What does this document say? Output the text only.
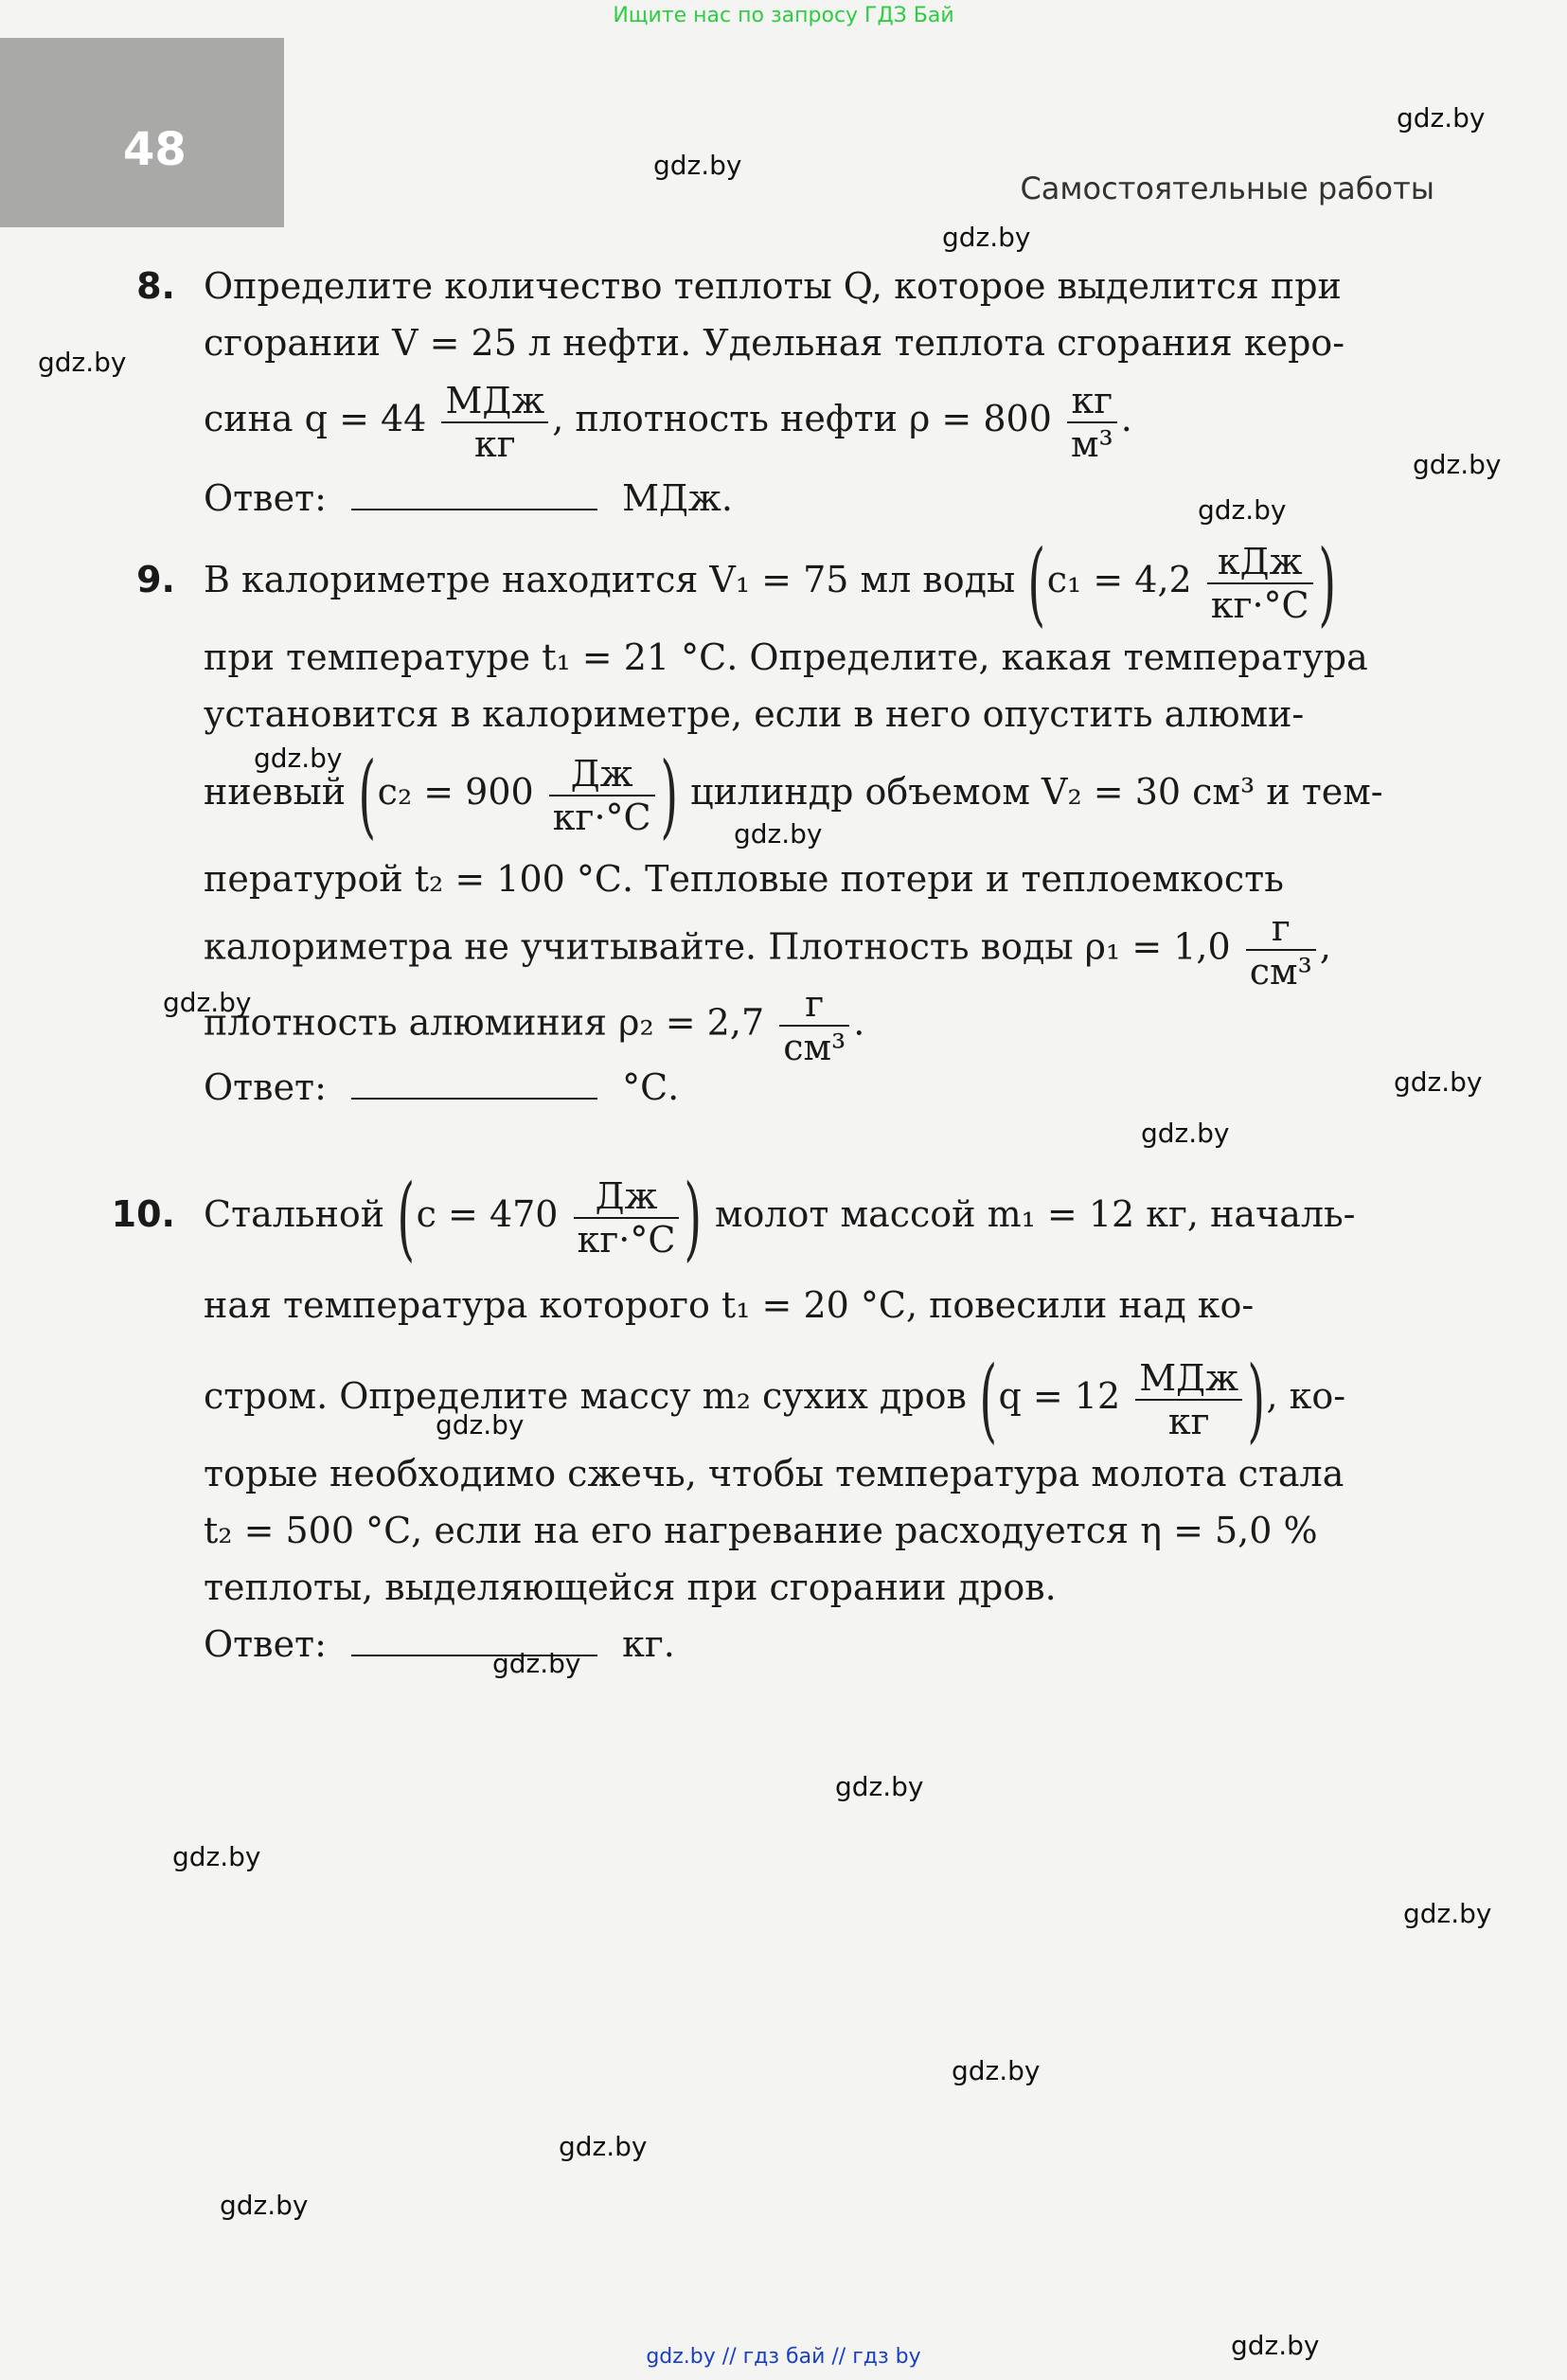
Ищите нас по запросу ГДЗ Бай
48
Самостоятельные работы

8. Определите количество теплоты Q, которое выделится при
сгорании V = 25 л нефти. Удельная теплота сгорания керо-
сина $q = 44 \frac{\text{МДж}}{кг}$ , плотность нефти $\rho = 800 \frac{кг}{\text{м³}}$ .
Ответ:	МДж.
9. В калориметре находится V₁ = 75 мл воды ($c_1 = 4,2 \frac{\text{кДж}}{кг\cdot^\circ С}$ )
при температуре t₁ = 21 °С. Определите, какая температура
установится в калориметре, если в него опустить алюми-
ниевый ($c_2 = 900 \frac{Дж}{кг\cdot^\circ С}$ ) цилиндр объемом V₂ = 30 см³ и тем-
пературой t₂ = 100 °С. Тепловые потери и теплоемкость
калориметра не учитывайте. Плотность воды $\rho_1 = 1,0 \frac{г}{\text{см³}}$ ,
плотность алюминия $\rho_2 = 2,7 \frac{г}{\text{см³}}$ .
Ответ:	°С.
10. Стальной ($c = 470 \frac{Дж}{кг\cdot^\circ С}$ ) молот массой m₁ = 12 кг, началь-
ная температура которого t₁ = 20 °С, повесили над ко-
стром. Определите массу m₂ сухих дров ($q = 12 \frac{\text{МДж}}{кг}$ ), ко-
торые необходимо сжечь, чтобы температура молота стала
t₂ = 500 °С, если на его нагревание расходуется η = 5,0 %
теплоты, выделяющейся при сгорании дров.
Ответ:	кг.
gdz.by
gdz.by
gdz.by
gdz.by
gdz.by
gdz.by
gdz.by
gdz.by
gdz.by
gdz.by
gdz.by
gdz.by
gdz.by
gdz.by
gdz.by
gdz.by
gdz.by
gdz.by
gdz.by
gdz.by
gdz.by // гдз бай // гдз by
